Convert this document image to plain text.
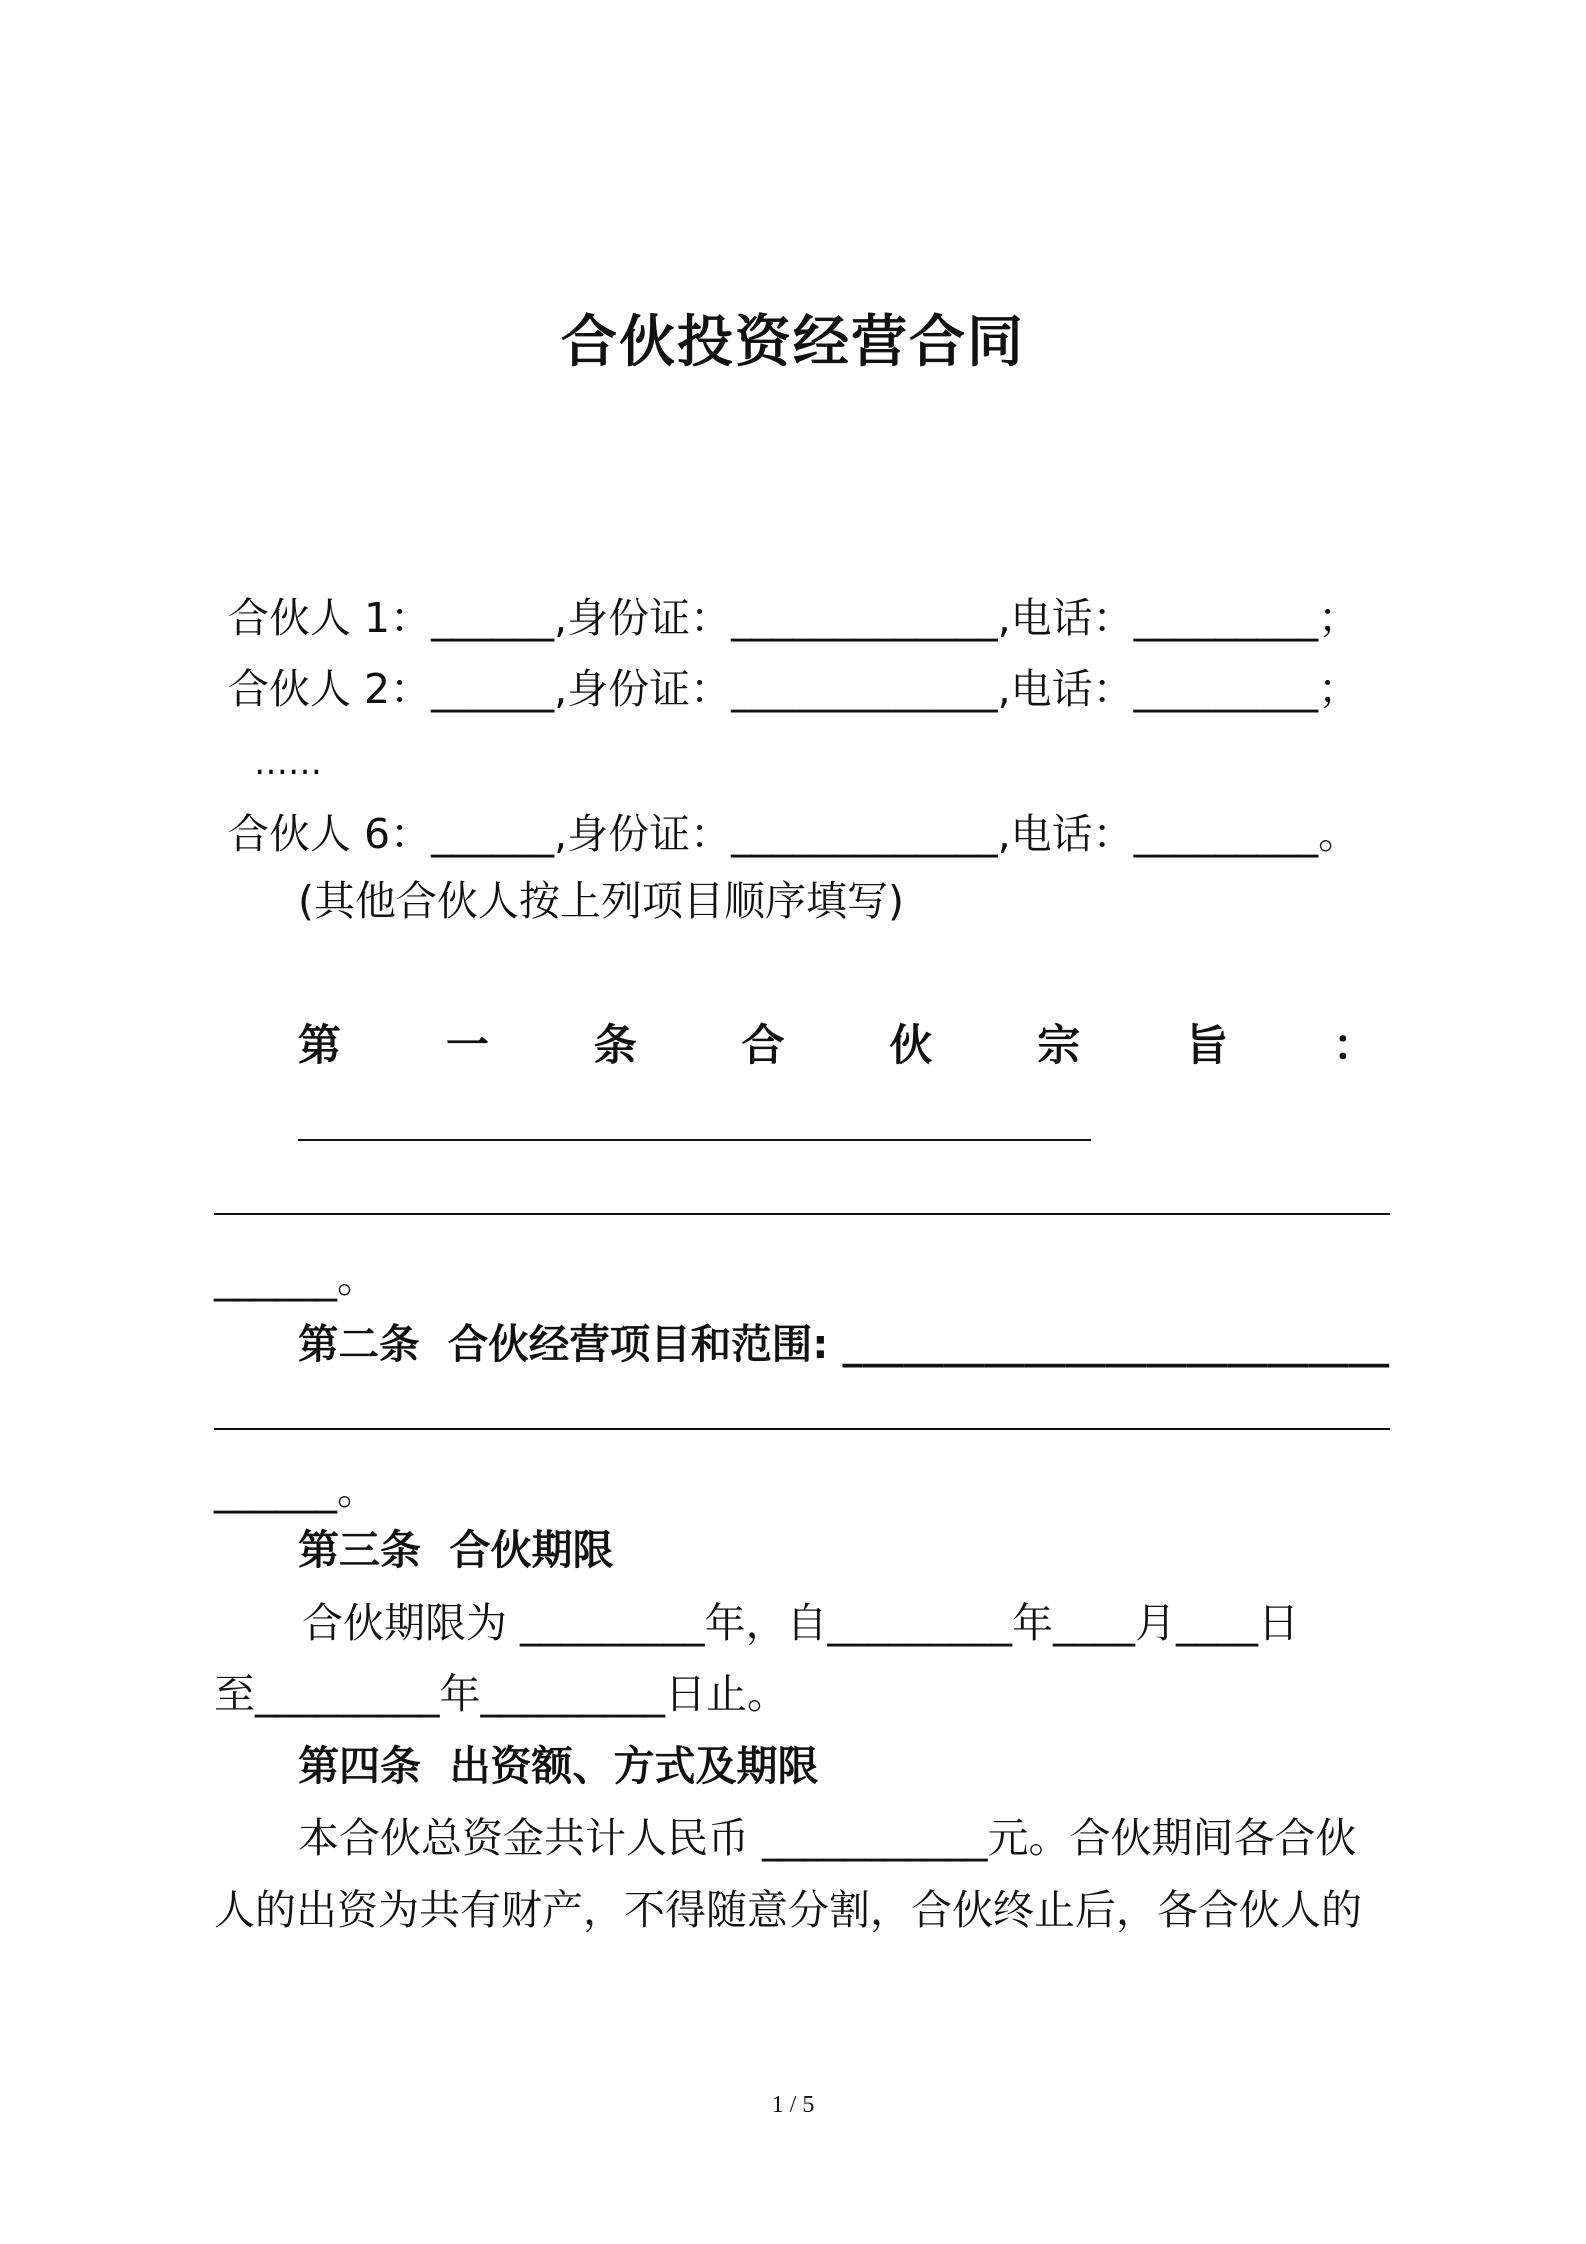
合伙投资经营合同
合伙人 1：______,身份证：_____________,电话：_________；
合伙人 2：______,身份证：_____________,电话：_________；
……
合伙人 6：______,身份证：_____________,电话：_________。
(其他合伙人按上列项目顺序填写)
第 一 条 合 伙 宗 旨 ：
______。
第二条  合伙经营项目和范围: ___________________________
______。
第三条  合伙期限
合伙期限为 _________年，自_________年____月____日
至_________年_________日止。
第四条  出资额、方式及期限
本合伙总资金共计人民币 ___________元。合伙期间各合伙
人的出资为共有财产，不得随意分割，合伙终止后，各合伙人的
1 / 5
